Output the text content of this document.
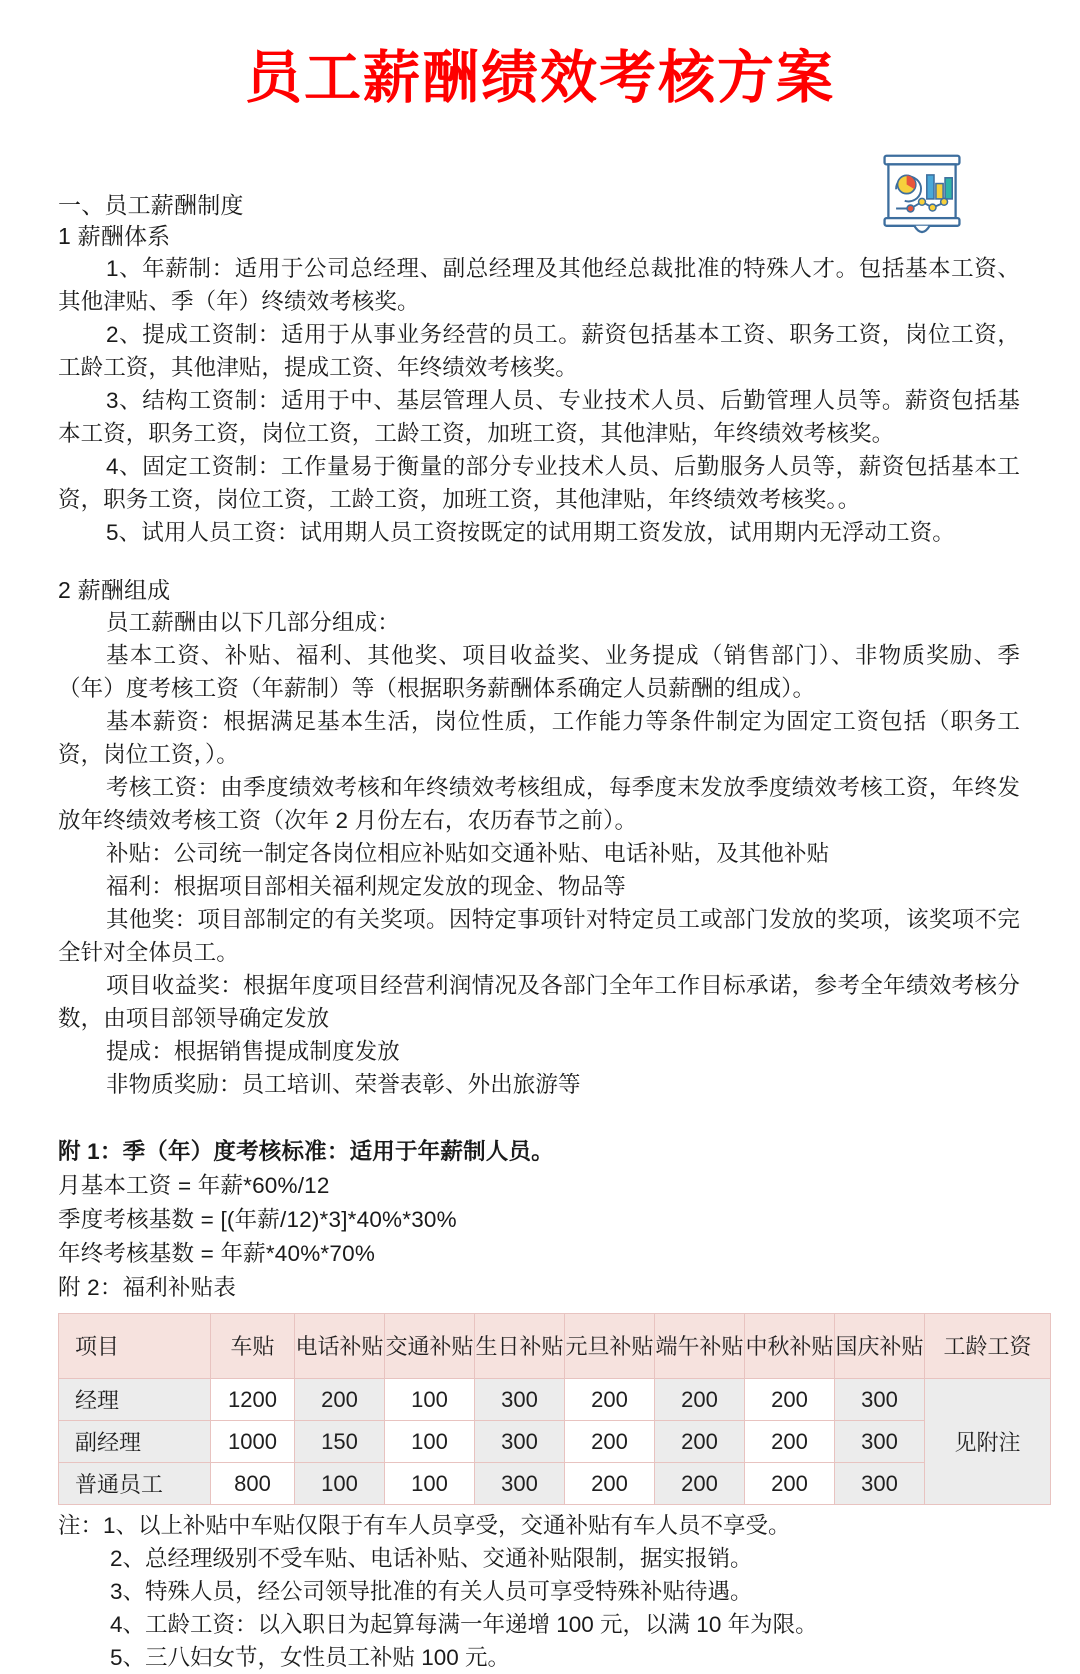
员工薪酬绩效考核方案

一、员工薪酬制度

1 薪酬体系

1、年薪制：适用于公司总经理、副总经理及其他经总裁批准的特殊人才。包括基本工资、其他津贴、季（年）终绩效考核奖。

2、提成工资制：适用于从事业务经营的员工。薪资包括基本工资、职务工资，岗位工资，工龄工资，其他津贴，提成工资、年终绩效考核奖。

3、结构工资制：适用于中、基层管理人员、专业技术人员、后勤管理人员等。薪资包括基本工资，职务工资，岗位工资，工龄工资，加班工资，其他津贴，年终绩效考核奖。

4、固定工资制：工作量易于衡量的部分专业技术人员、后勤服务人员等，薪资包括基本工资，职务工资，岗位工资，工龄工资，加班工资，其他津贴，年终绩效考核奖。。

5、试用人员工资：试用期人员工资按既定的试用期工资发放，试用期内无浮动工资。

2 薪酬组成

员工薪酬由以下几部分组成：

基本工资、补贴、福利、其他奖、项目收益奖、业务提成（销售部门）、非物质奖励、季（年）度考核工资（年薪制）等（根据职务薪酬体系确定人员薪酬的组成）。

基本薪资：根据满足基本生活，岗位性质，工作能力等条件制定为固定工资包括（职务工资，岗位工资，）。

考核工资：由季度绩效考核和年终绩效考核组成，每季度末发放季度绩效考核工资，年终发放年终绩效考核工资（次年 2 月份左右，农历春节之前）。

补贴：公司统一制定各岗位相应补贴如交通补贴、电话补贴，及其他补贴

福利：根据项目部相关福利规定发放的现金、物品等

其他奖：项目部制定的有关奖项。因特定事项针对特定员工或部门发放的奖项，该奖项不完全针对全体员工。

项目收益奖：根据年度项目经营利润情况及各部门全年工作目标承诺，参考全年绩效考核分数，由项目部领导确定发放

提成：根据销售提成制度发放

非物质奖励：员工培训、荣誉表彰、外出旅游等

附 1：季（年）度考核标准：适用于年薪制人员。

月基本工资 = 年薪*60%/12

季度考核基数 = [(年薪/12)*3]*40%*30%

年终考核基数 = 年薪*40%*70%

附 2：福利补贴表

项目	车贴	电话补贴	交通补贴	生日补贴	元旦补贴	端午补贴	中秋补贴	国庆补贴	工龄工资
经理	1200	200	100	300	200	200	200	300	见附注
副经理	1000	150	100	300	200	200	200	300	
普通员工	800	100	100	300	200	200	200	300	
注： 1、以上补贴中车贴仅限于有车人员享受，交通补贴有车人员不享受。

2、总经理级别不受车贴、电话补贴、交通补贴限制，据实报销。

3、特殊人员，经公司领导批准的有关人员可享受特殊补贴待遇。

4、工龄工资：以入职日为起算每满一年递增 100 元，以满 10 年为限。

5、三八妇女节，女性员工补贴 100 元。
